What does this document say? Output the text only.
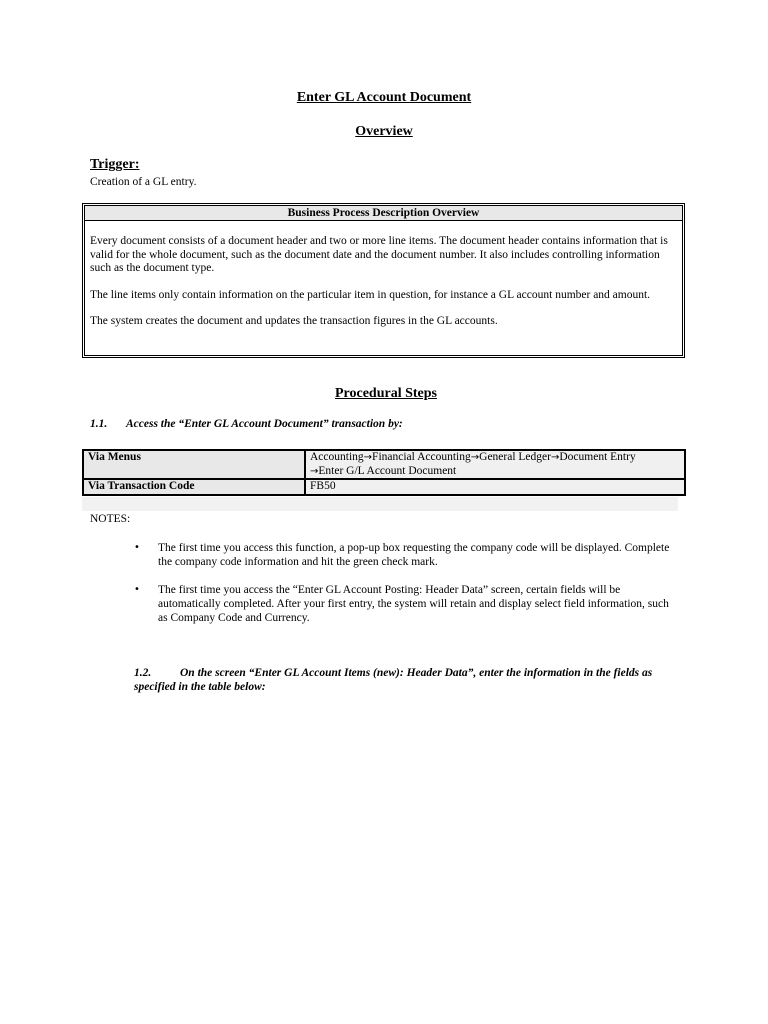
Enter GL Account Document
Overview
Trigger:
Creation of a GL entry.
Business Process Description Overview

Every document consists of a document header and two or more line items. The document header contains information that is valid for the whole document, such as the document date and the document number. It also includes controlling information such as the document type.

The line items only contain information on the particular item in question, for instance a GL account number and amount.

The system creates the document and updates the transaction figures in the GL accounts.

Procedural Steps
1.1. Access the “Enter GL Account Document” transaction by:
Via Menus	Accounting→Financial Accounting→General Ledger→Document Entry
→Enter G/L Account Document
Via Transaction Code	FB50
NOTES:
• The first time you access this function, a pop-up box requesting the company code will be displayed. Complete the company code information and hit the green check mark.
• The first time you access the “Enter GL Account Posting: Header Data” screen, certain fields will be automatically completed. After your first entry, the system will retain and display select field information, such as Company Code and Currency.
1.2.	On the screen “Enter GL Account Items (new): Header Data”, enter the information in the fields as specified in the table below:
